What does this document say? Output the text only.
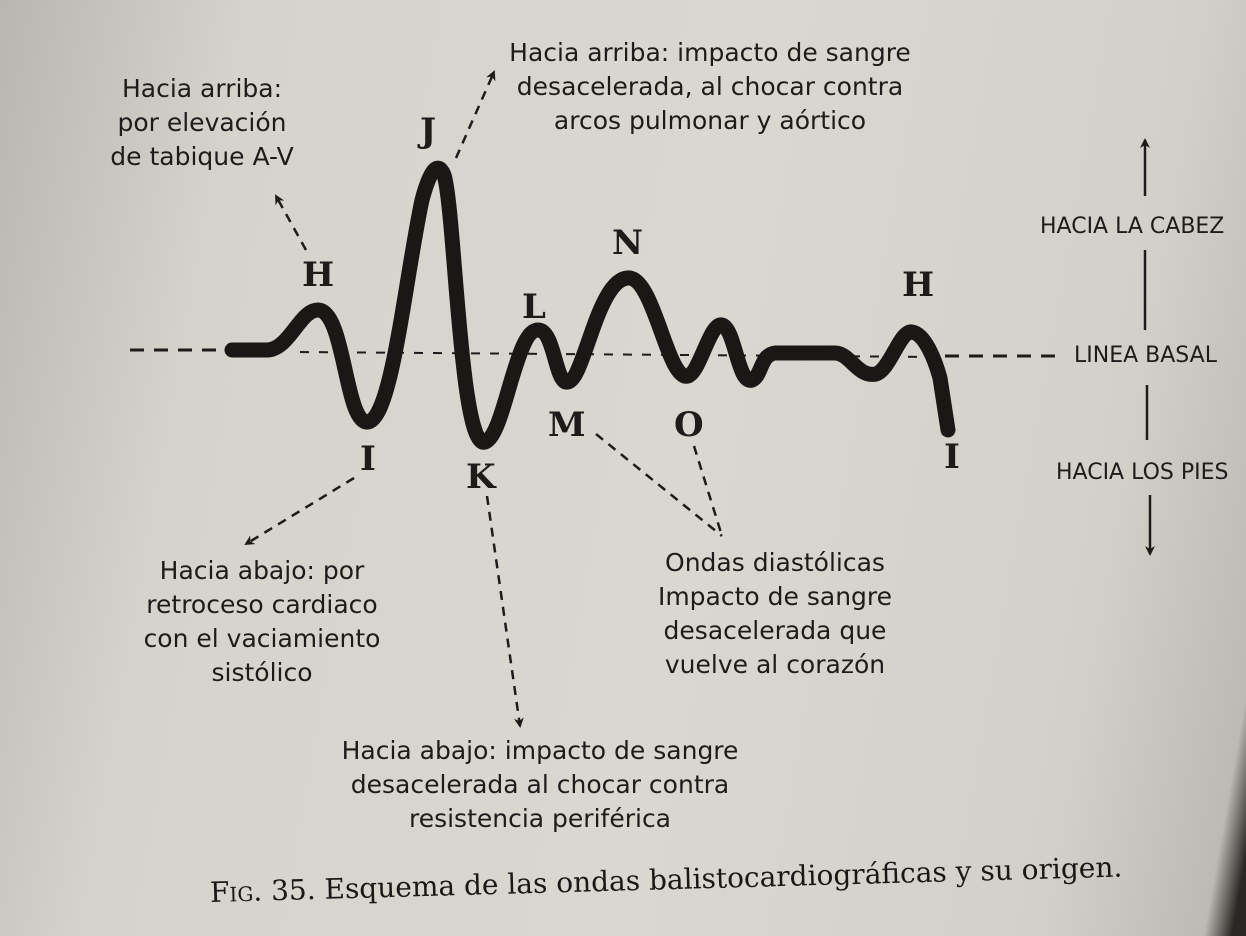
H
J
L
N
H
I	K
M	O
I
Hacia arriba:
por elevación
de tabique A-V
Hacia arriba: impacto de sangre
desacelerada, al chocar contra
arcos pulmonar y aórtico
Hacia abajo: por
retroceso cardiaco
con el vaciamiento
sistólico
Hacia abajo: impacto de sangre
desacelerada al chocar contra
resistencia periférica
Ondas diastólicas
Impacto de sangre
desacelerada que
vuelve al corazón
HACIA LA CABEZ
LINEA BASAL
HACIA LOS PIES
Fig. 35. Esquema de las ondas balistocardiográficas y su origen.
